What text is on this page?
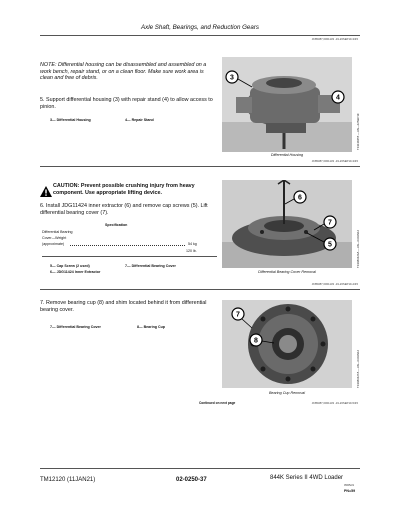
Axle Shaft, Bearings, and Reduction Gears
JK85387,0001133 -19-20SEP19-3/45
NOTE: Differential housing can be disassembled and assembled on a work bench, repair stand, or on a clean floor. Make sure work area is clean and free of debris.
5. Support differential housing (3) with repair stand (4) to allow access to pinion.
3— Differential Housing	4— Repair Stand
3
4
TX1138455 —UN—22SEP19
Differential Housing
JK85387,0001133 -19-20SEP19-3/45
CAUTION: Prevent possible crushing injury from heavy component. Use appropriate lifting device.
6. Install JDG11424 inner extractor (6) and remove cap screws (5). Lift differential bearing cover (7).
Specification
Differential Bearing
Cover—Weight
(approximate)	54 kg
120 lb.
5— Cap Screw (2 used)
6— JDG11424 Inner Extractor
7— Differential Bearing Cover
6
7
5	TX1086426A —UN—03JAN12
Differential Bearing Cover Removal
JK85387,0001133 -19-20SEP19-4/45
7. Remove bearing cup (8) and shim located behind it from differential bearing cover.
7— Differential Bearing Cover	8— Bearing Cup
7
8
TX1086427A —UN—03JAN12
Bearing Cup Removal
Continued on next page	JK85387,0001133 -19-20SEP19-5/45
TM12120 (11JAN21)	02-0250-37	844K Series II 4WD Loader
05/05/21
PN=59
